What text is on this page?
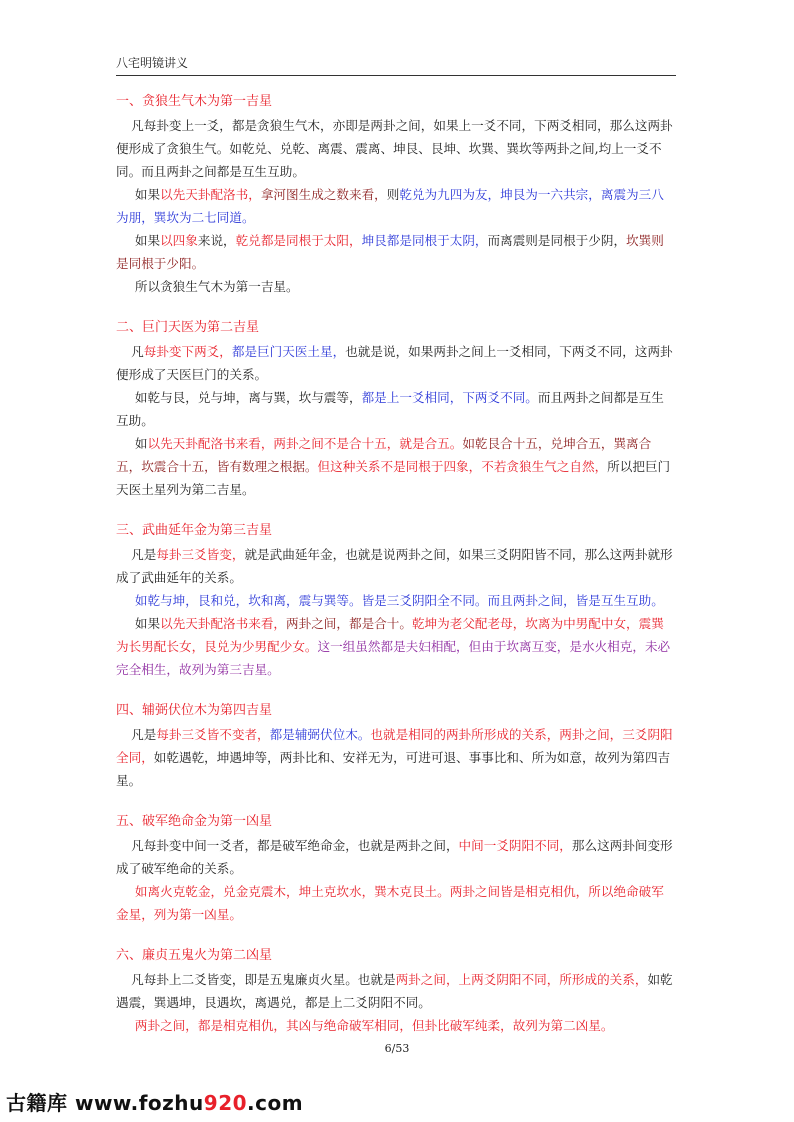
八宅明镜讲义
一、贪狼生气木为第一吉星
凡每卦变上一爻，都是贪狼生气木，亦即是两卦之间，如果上一爻不同，下两爻相同，那么这两卦便形成了贪狼生气。如乾兑、兑乾、离震、震离、坤艮、艮坤、坎巽、巽坎等两卦之间,均上一爻不同。而且两卦之间都是互生互助。
如果以先天卦配洛书，拿河图生成之数来看，则乾兑为九四为友，坤艮为一六共宗，离震为三八为朋，巽坎为二七同道。
如果以四象来说，乾兑都是同根于太阳，坤艮都是同根于太阴，而离震则是同根于少阴，坎巽则是同根于少阳。
所以贪狼生气木为第一吉星。
二、巨门天医为第二吉星
凡每卦变下两爻，都是巨门天医土星，也就是说，如果两卦之间上一爻相同，下两爻不同，这两卦便形成了天医巨门的关系。
如乾与艮，兑与坤，离与巽，坎与震等，都是上一爻相同，下两爻不同。而且两卦之间都是互生互助。
如以先天卦配洛书来看，两卦之间不是合十五，就是合五。如乾艮合十五，兑坤合五，巽离合五，坎震合十五，皆有数理之根据。但这种关系不是同根于四象，不若贪狼生气之自然，所以把巨门天医土星列为第二吉星。
三、武曲延年金为第三吉星
凡是每卦三爻皆变，就是武曲延年金，也就是说两卦之间，如果三爻阴阳皆不同，那么这两卦就形成了武曲延年的关系。
如乾与坤，艮和兑，坎和离，震与巽等。皆是三爻阴阳全不同。而且两卦之间，皆是互生互助。
如果以先天卦配洛书来看，两卦之间，都是合十。乾坤为老父配老母，坎离为中男配中女，震巽为长男配长女，艮兑为少男配少女。这一组虽然都是夫妇相配，但由于坎离互变，是水火相克，未必完全相生，故列为第三吉星。
四、辅弼伏位木为第四吉星
凡是每卦三爻皆不变者，都是辅弼伏位木。也就是相同的两卦所形成的关系，两卦之间，三爻阴阳全同，如乾遇乾，坤遇坤等，两卦比和、安祥无为，可进可退、事事比和、所为如意，故列为第四吉星。
五、破军绝命金为第一凶星
凡每卦变中间一爻者，都是破军绝命金，也就是两卦之间，中间一爻阴阳不同，那么这两卦间变形成了破军绝命的关系。
如离火克乾金，兑金克震木，坤土克坎水，巽木克艮土。两卦之间皆是相克相仇，所以绝命破军金星，列为第一凶星。
六、廉贞五鬼火为第二凶星
凡每卦上二爻皆变，即是五鬼廉贞火星。也就是两卦之间，上两爻阴阳不同，所形成的关系，如乾遇震，巽遇坤，艮遇坎，离遇兑，都是上二爻阴阳不同。
两卦之间，都是相克相仇，其凶与绝命破军相同，但卦比破军纯柔，故列为第二凶星。
6/53
古籍库 www.fozhu920.com
